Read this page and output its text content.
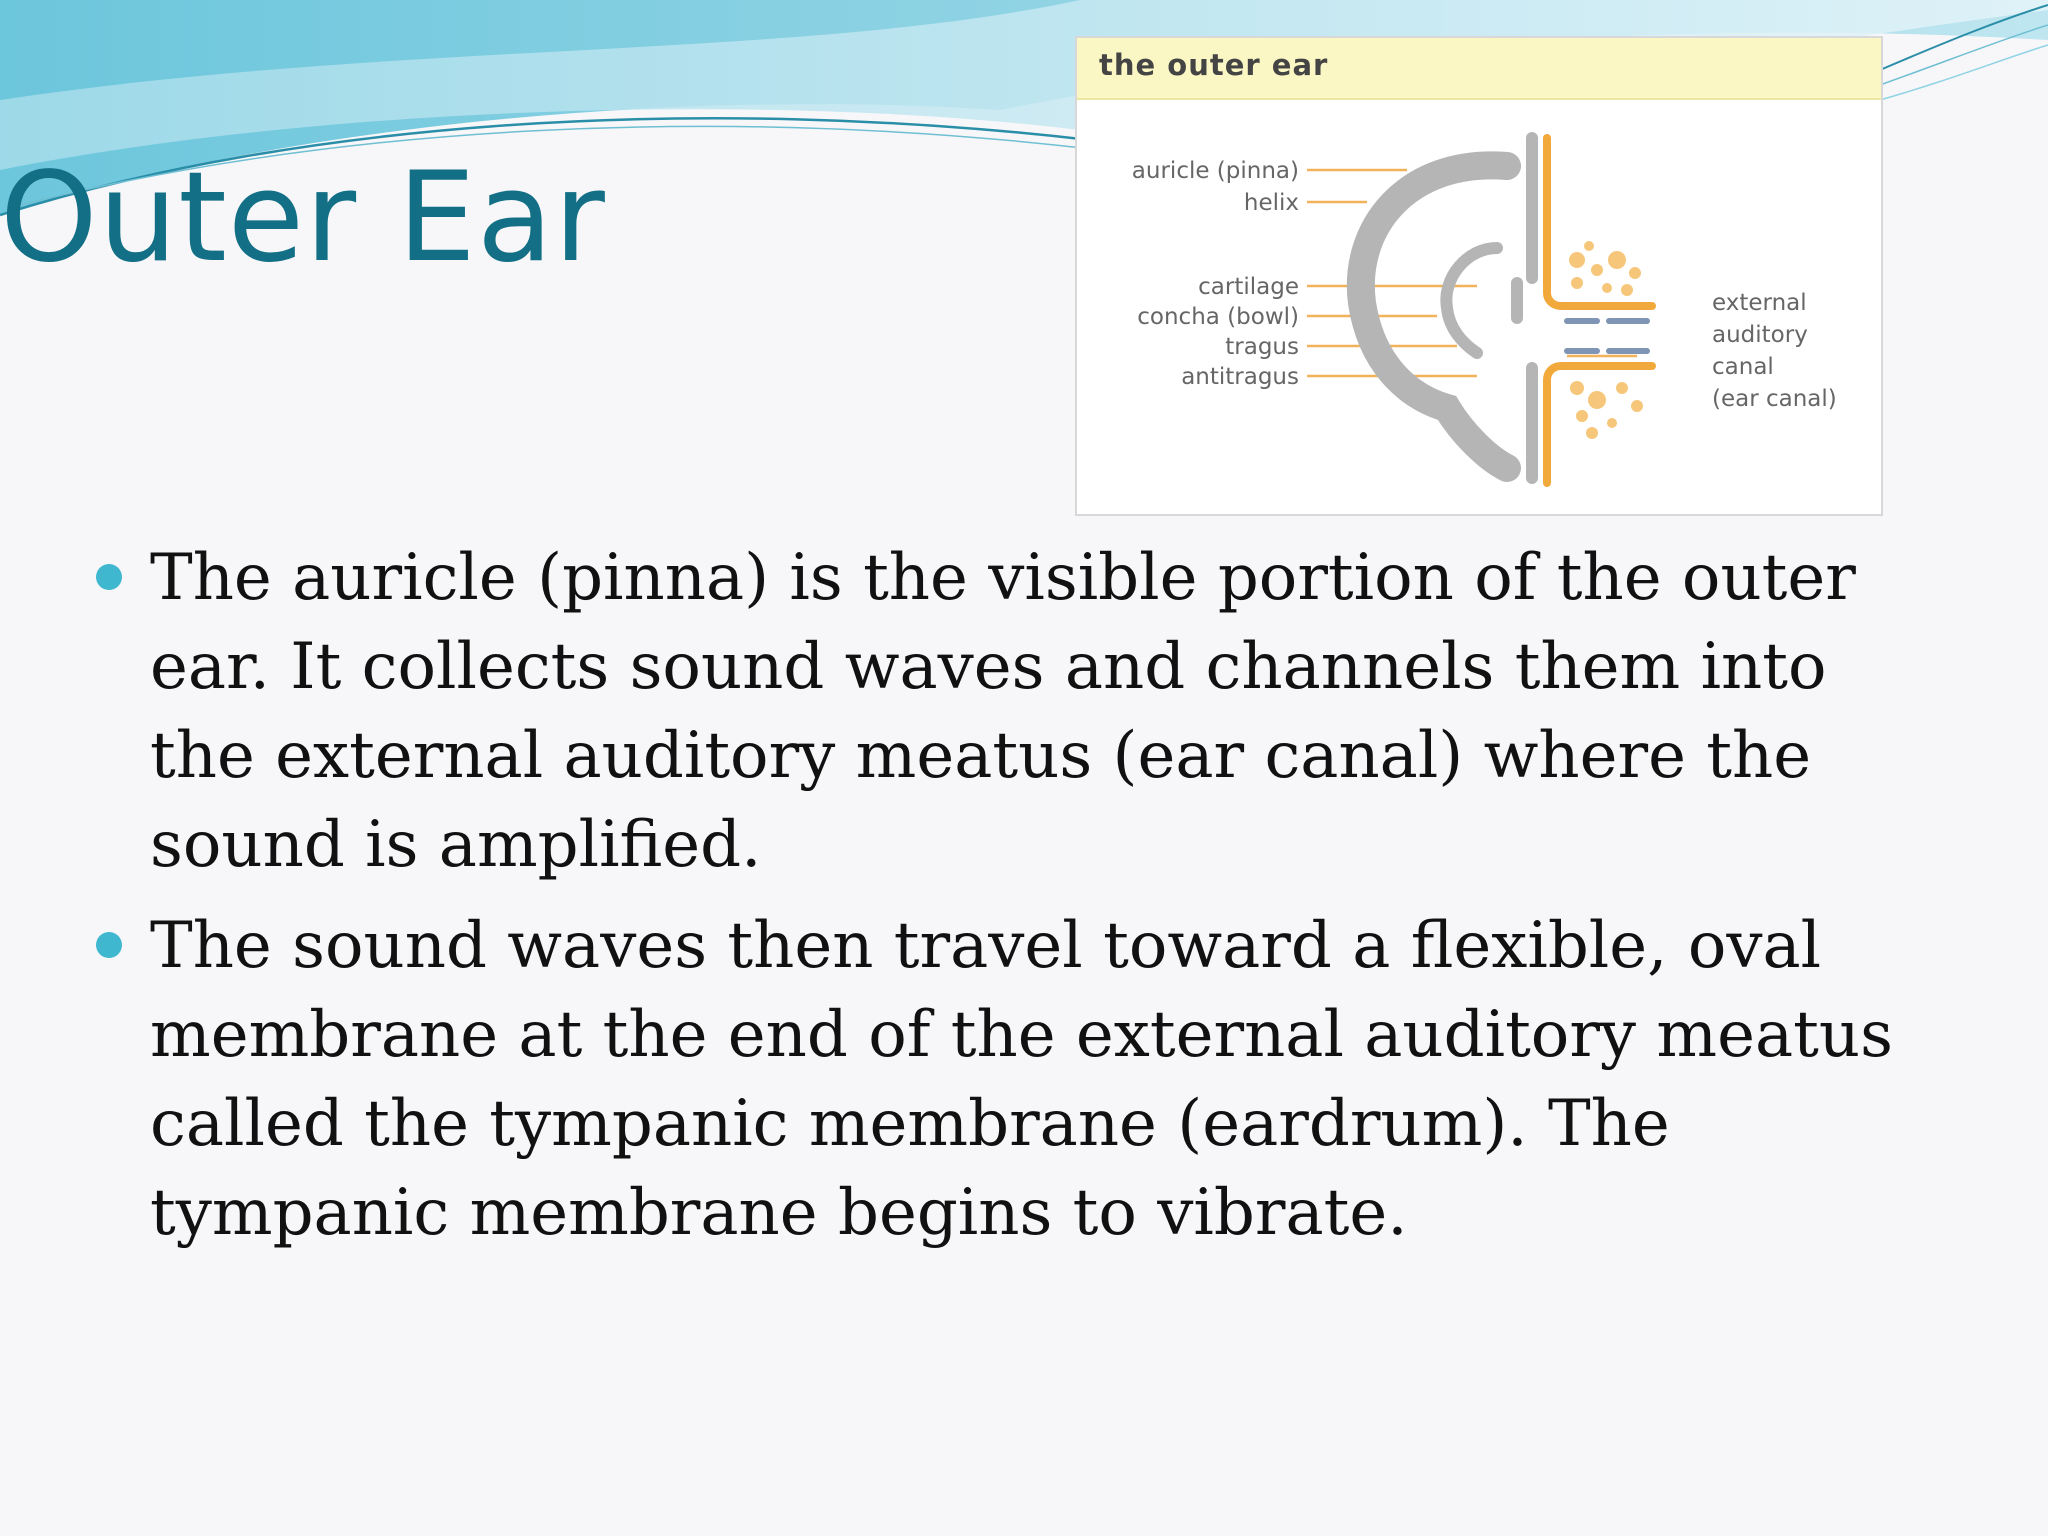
Outer Ear
the outer ear
auricle (pinna)
helix
cartilage
concha (bowl)
tragus
antitragus
external
auditory
canal
(ear canal)
The auricle (pinna) is the visible portion of the outer ear. It collects sound waves and channels them into the external auditory meatus (ear canal) where the sound is amplified.
The sound waves then travel toward a flexible, oval membrane at the end of the external auditory meatus called the tympanic membrane (eardrum). The tympanic membrane begins to vibrate.
